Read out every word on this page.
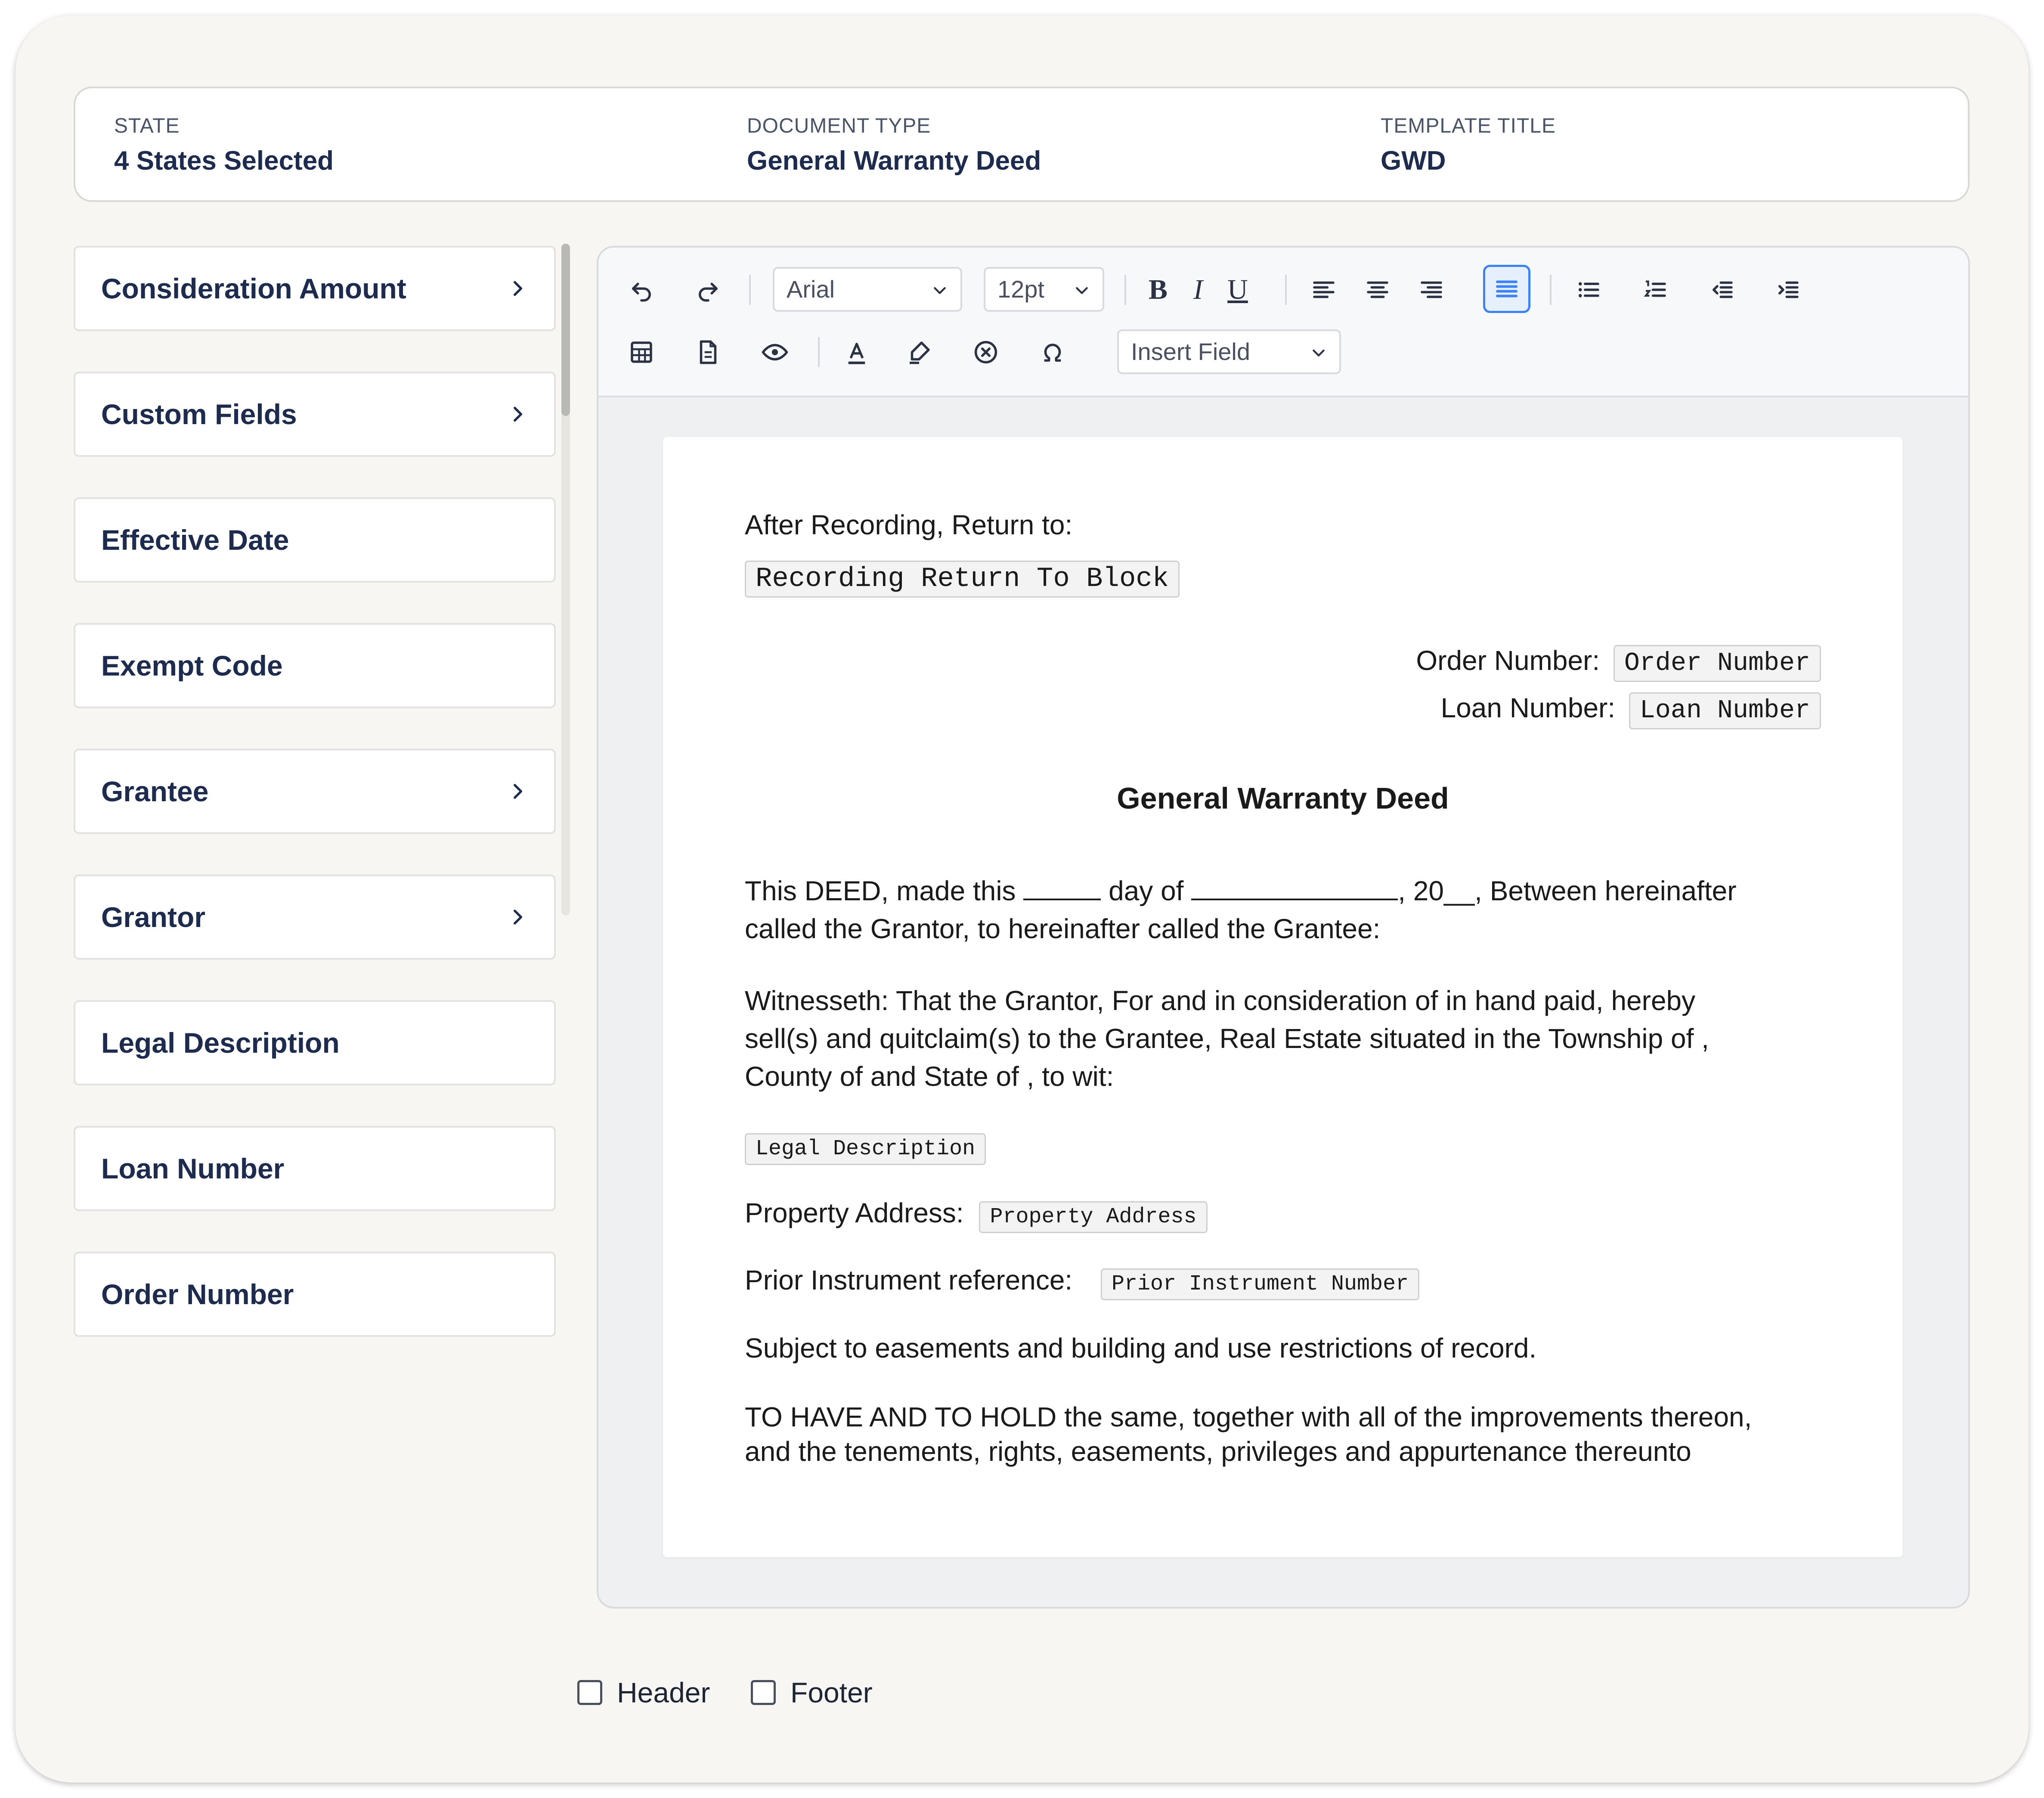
STATE
4 States Selected
DOCUMENT TYPE
General Warranty Deed
TEMPLATE TITLE
GWD
Consideration Amount
Custom Fields
Effective Date
Exempt Code
Grantee
Grantor
Legal Description
Loan Number
Order Number
Arial	12pt	B I U
Insert Field
After Recording, Return to:
Recording Return To Block
Order Number: Order Number
Loan Number: Loan Number
General Warranty Deed
This DEED, made this	day of	, 20__, Between hereinafter
called the Grantor, to hereinafter called the Grantee:
Witnesseth: That the Grantor, For and in consideration of in hand paid, hereby
sell(s) and quitclaim(s) to the Grantee, Real Estate situated in the Township of ,
County of and State of , to wit:
Legal Description
Property Address: Property Address
Prior Instrument reference: Prior Instrument Number
Subject to easements and building and use restrictions of record.
TO HAVE AND TO HOLD the same, together with all of the improvements thereon,
and the tenements, rights, easements, privileges and appurtenance thereunto
Header	Footer
